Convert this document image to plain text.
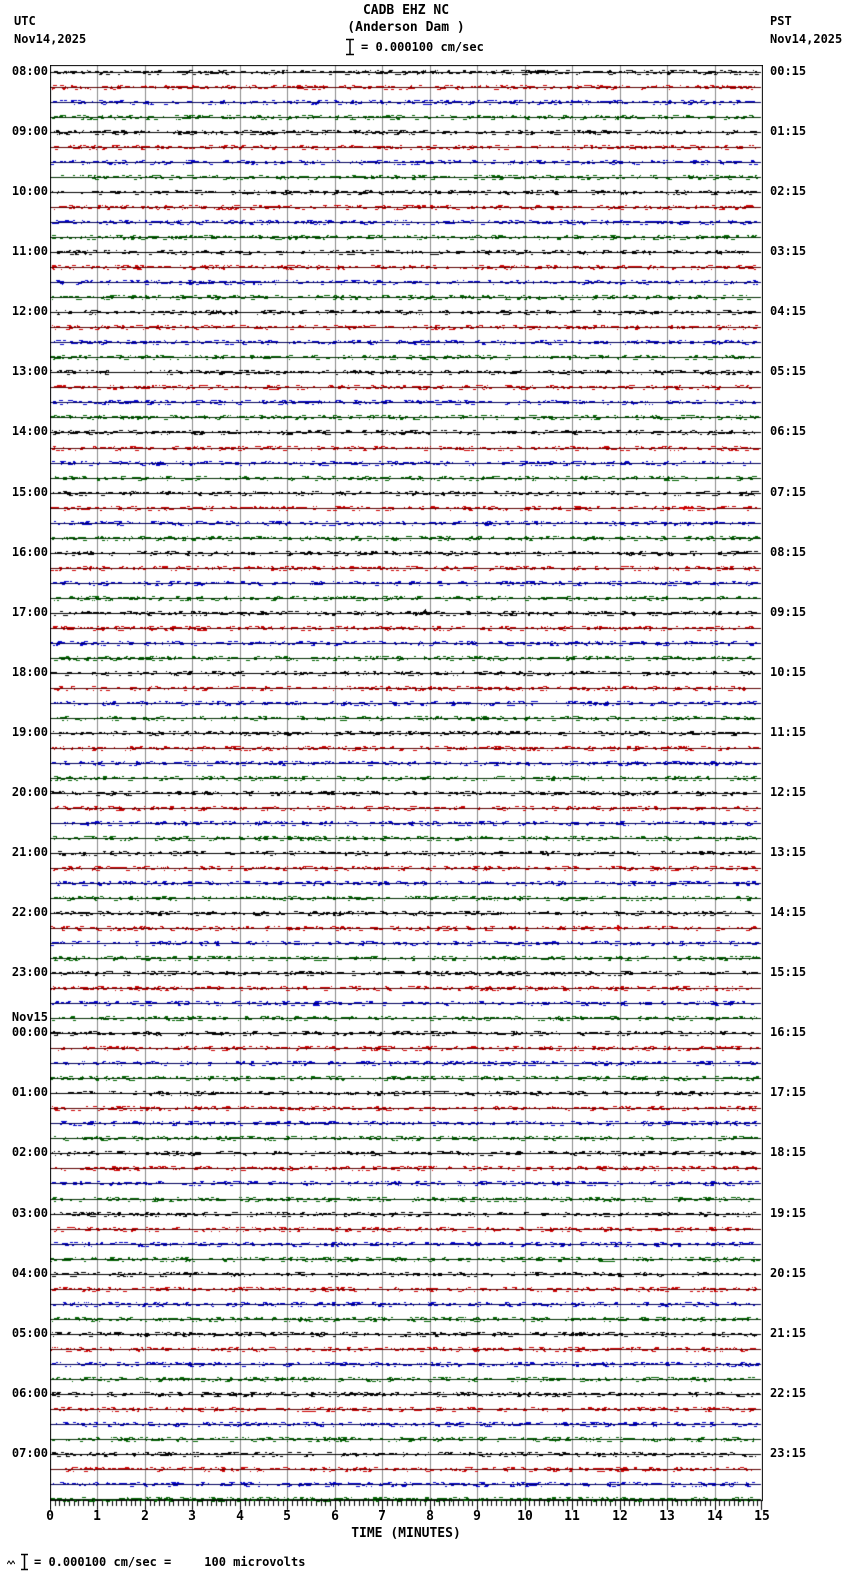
UTC
Nov14,2025
PST
Nov14,2025
CADB EHZ NC
(Anderson Dam )
= 0.000100 cm/sec
08:00
09:00
10:00
11:00
12:00
13:00
14:00
15:00
16:00
17:00
18:00
19:00
20:00
21:00
22:00
23:00
00:00
Nov15
01:00
02:00
03:00
04:00
05:00
06:00
07:00
00:15
01:15
02:15
03:15
04:15
05:15
06:15
07:15
08:15
09:15
10:15
11:15
12:15
13:15
14:15
15:15
16:15
17:15
18:15
19:15
20:15
21:15
22:15
23:15
0	1	2	3	4	5	6	7	8	9	10	11	12	13	14	15
TIME (MINUTES)
= 0.000100 cm/sec =	100 microvolts
